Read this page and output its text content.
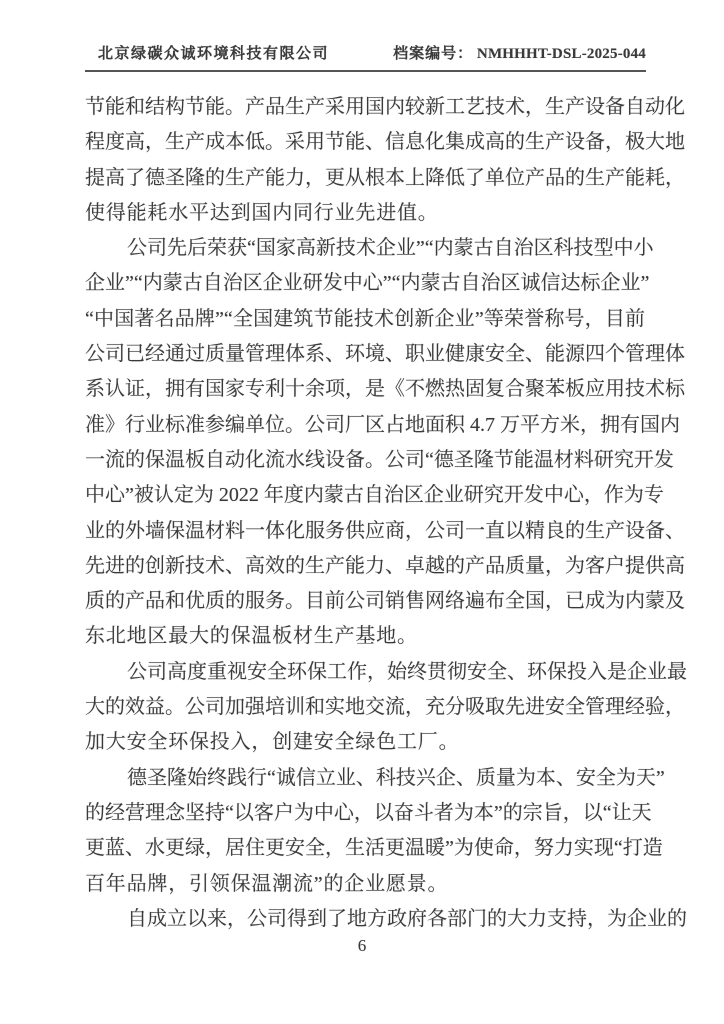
北京绿碳众诚环境科技有限公司	档案编号： NMHHHT-DSL-2025-044
节能和结构节能。产品生产采用国内较新工艺技术，生产设备自动化
程度高，生产成本低。采用节能、信息化集成高的生产设备，极大地
提高了德圣隆的生产能力，更从根本上降低了单位产品的生产能耗，
使得能耗水平达到国内同行业先进值。
公司先后荣获“国家高新技术企业”“内蒙古自治区科技型中小
企业”“内蒙古自治区企业研发中心”“内蒙古自治区诚信达标企业”
“中国著名品牌”“全国建筑节能技术创新企业”等荣誉称号，目前
公司已经通过质量管理体系、环境、职业健康安全、能源四个管理体
系认证，拥有国家专利十余项，是《不燃热固复合聚苯板应用技术标
准》行业标准参编单位。公司厂区占地面积 4.7 万平方米，拥有国内
一流的保温板自动化流水线设备。公司“德圣隆节能温材料研究开发
中心”被认定为 2022 年度内蒙古自治区企业研究开发中心，作为专
业的外墙保温材料一体化服务供应商，公司一直以精良的生产设备、
先进的创新技术、高效的生产能力、卓越的产品质量，为客户提供高
质的产品和优质的服务。目前公司销售网络遍布全国，已成为内蒙及
东北地区最大的保温板材生产基地。
公司高度重视安全环保工作，始终贯彻安全、环保投入是企业最
大的效益。公司加强培训和实地交流，充分吸取先进安全管理经验，
加大安全环保投入，创建安全绿色工厂。
德圣隆始终践行“诚信立业、科技兴企、质量为本、安全为天”
的经营理念坚持“以客户为中心，以奋斗者为本”的宗旨，以“让天
更蓝、水更绿，居住更安全，生活更温暖”为使命，努力实现“打造
百年品牌，引领保温潮流”的企业愿景。
自成立以来，公司得到了地方政府各部门的大力支持，为企业的
6
